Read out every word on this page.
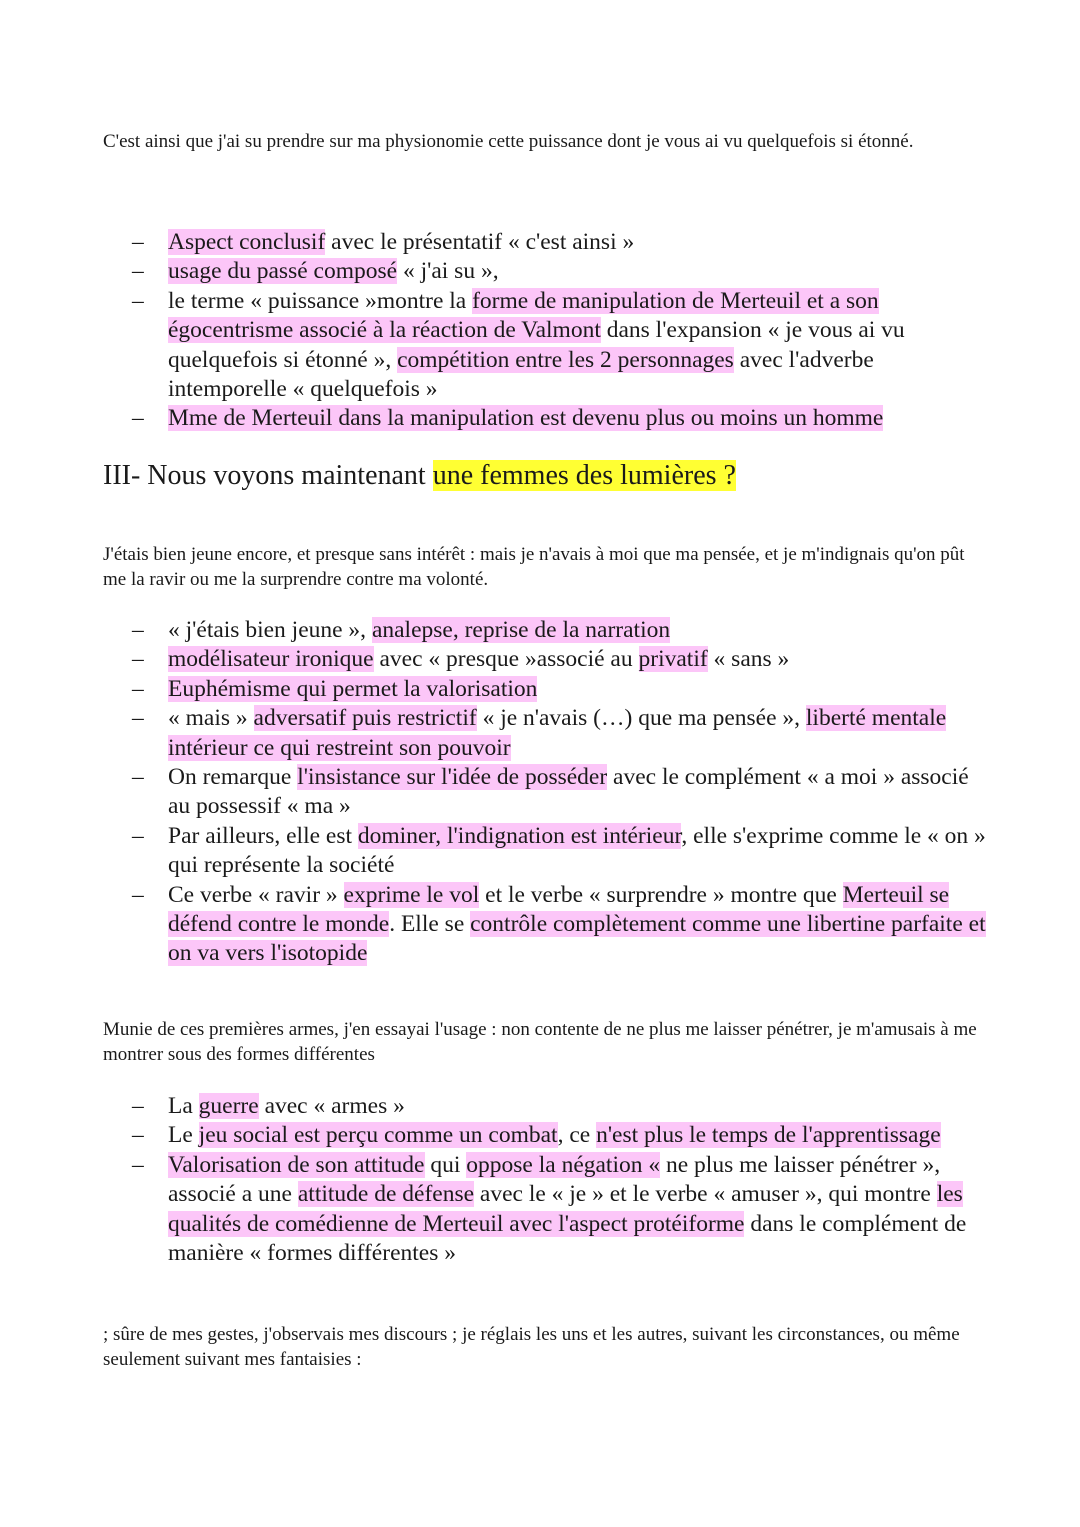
C'est ainsi que j'ai su prendre sur ma physionomie cette puissance dont je vous ai vu quelquefois si étonné.

– Aspect conclusif avec le présentatif « c'est ainsi »
– usage du passé composé « j'ai su »,
– le terme « puissance »montre la forme de manipulation de Merteuil et a son égocentrisme associé à la réaction de Valmont dans l'expansion « je vous ai vu quelquefois si étonné », compétition entre les 2 personnages avec l'adverbe intemporelle « quelquefois »
– Mme de Merteuil dans la manipulation est devenu plus ou moins un homme
III- Nous voyons maintenant une femmes des lumières ?

J'étais bien jeune encore, et presque sans intérêt : mais je n'avais à moi que ma pensée, et je m'indignais qu'on pût me la ravir ou me la surprendre contre ma volonté.

– « j'étais bien jeune », analepse, reprise de la narration
– modélisateur ironique avec « presque »associé au privatif « sans »
– Euphémisme qui permet la valorisation
– « mais » adversatif puis restrictif « je n'avais (…) que ma pensée », liberté mentale intérieur ce qui restreint son pouvoir
– On remarque l'insistance sur l'idée de posséder avec le complément « a moi » associé au possessif « ma »
– Par ailleurs, elle est dominer, l'indignation est intérieur, elle s'exprime comme le « on » qui représente la société
– Ce verbe « ravir » exprime le vol et le verbe « surprendre » montre que Merteuil se défend contre le monde. Elle se contrôle complètement comme une libertine parfaite et on va vers l'isotopide

Munie de ces premières armes, j'en essayai l'usage : non contente de ne plus me laisser pénétrer, je m'amusais à me montrer sous des formes différentes

– La guerre avec « armes »
– Le jeu social est perçu comme un combat, ce n'est plus le temps de l'apprentissage
– Valorisation de son attitude qui oppose la négation « ne plus me laisser pénétrer », associé a une attitude de défense avec le « je » et le verbe « amuser », qui montre les qualités de comédienne de Merteuil avec l'aspect protéiforme dans le complément de manière « formes différentes »

; sûre de mes gestes, j'observais mes discours ; je réglais les uns et les autres, suivant les circonstances, ou même seulement suivant mes fantaisies :
